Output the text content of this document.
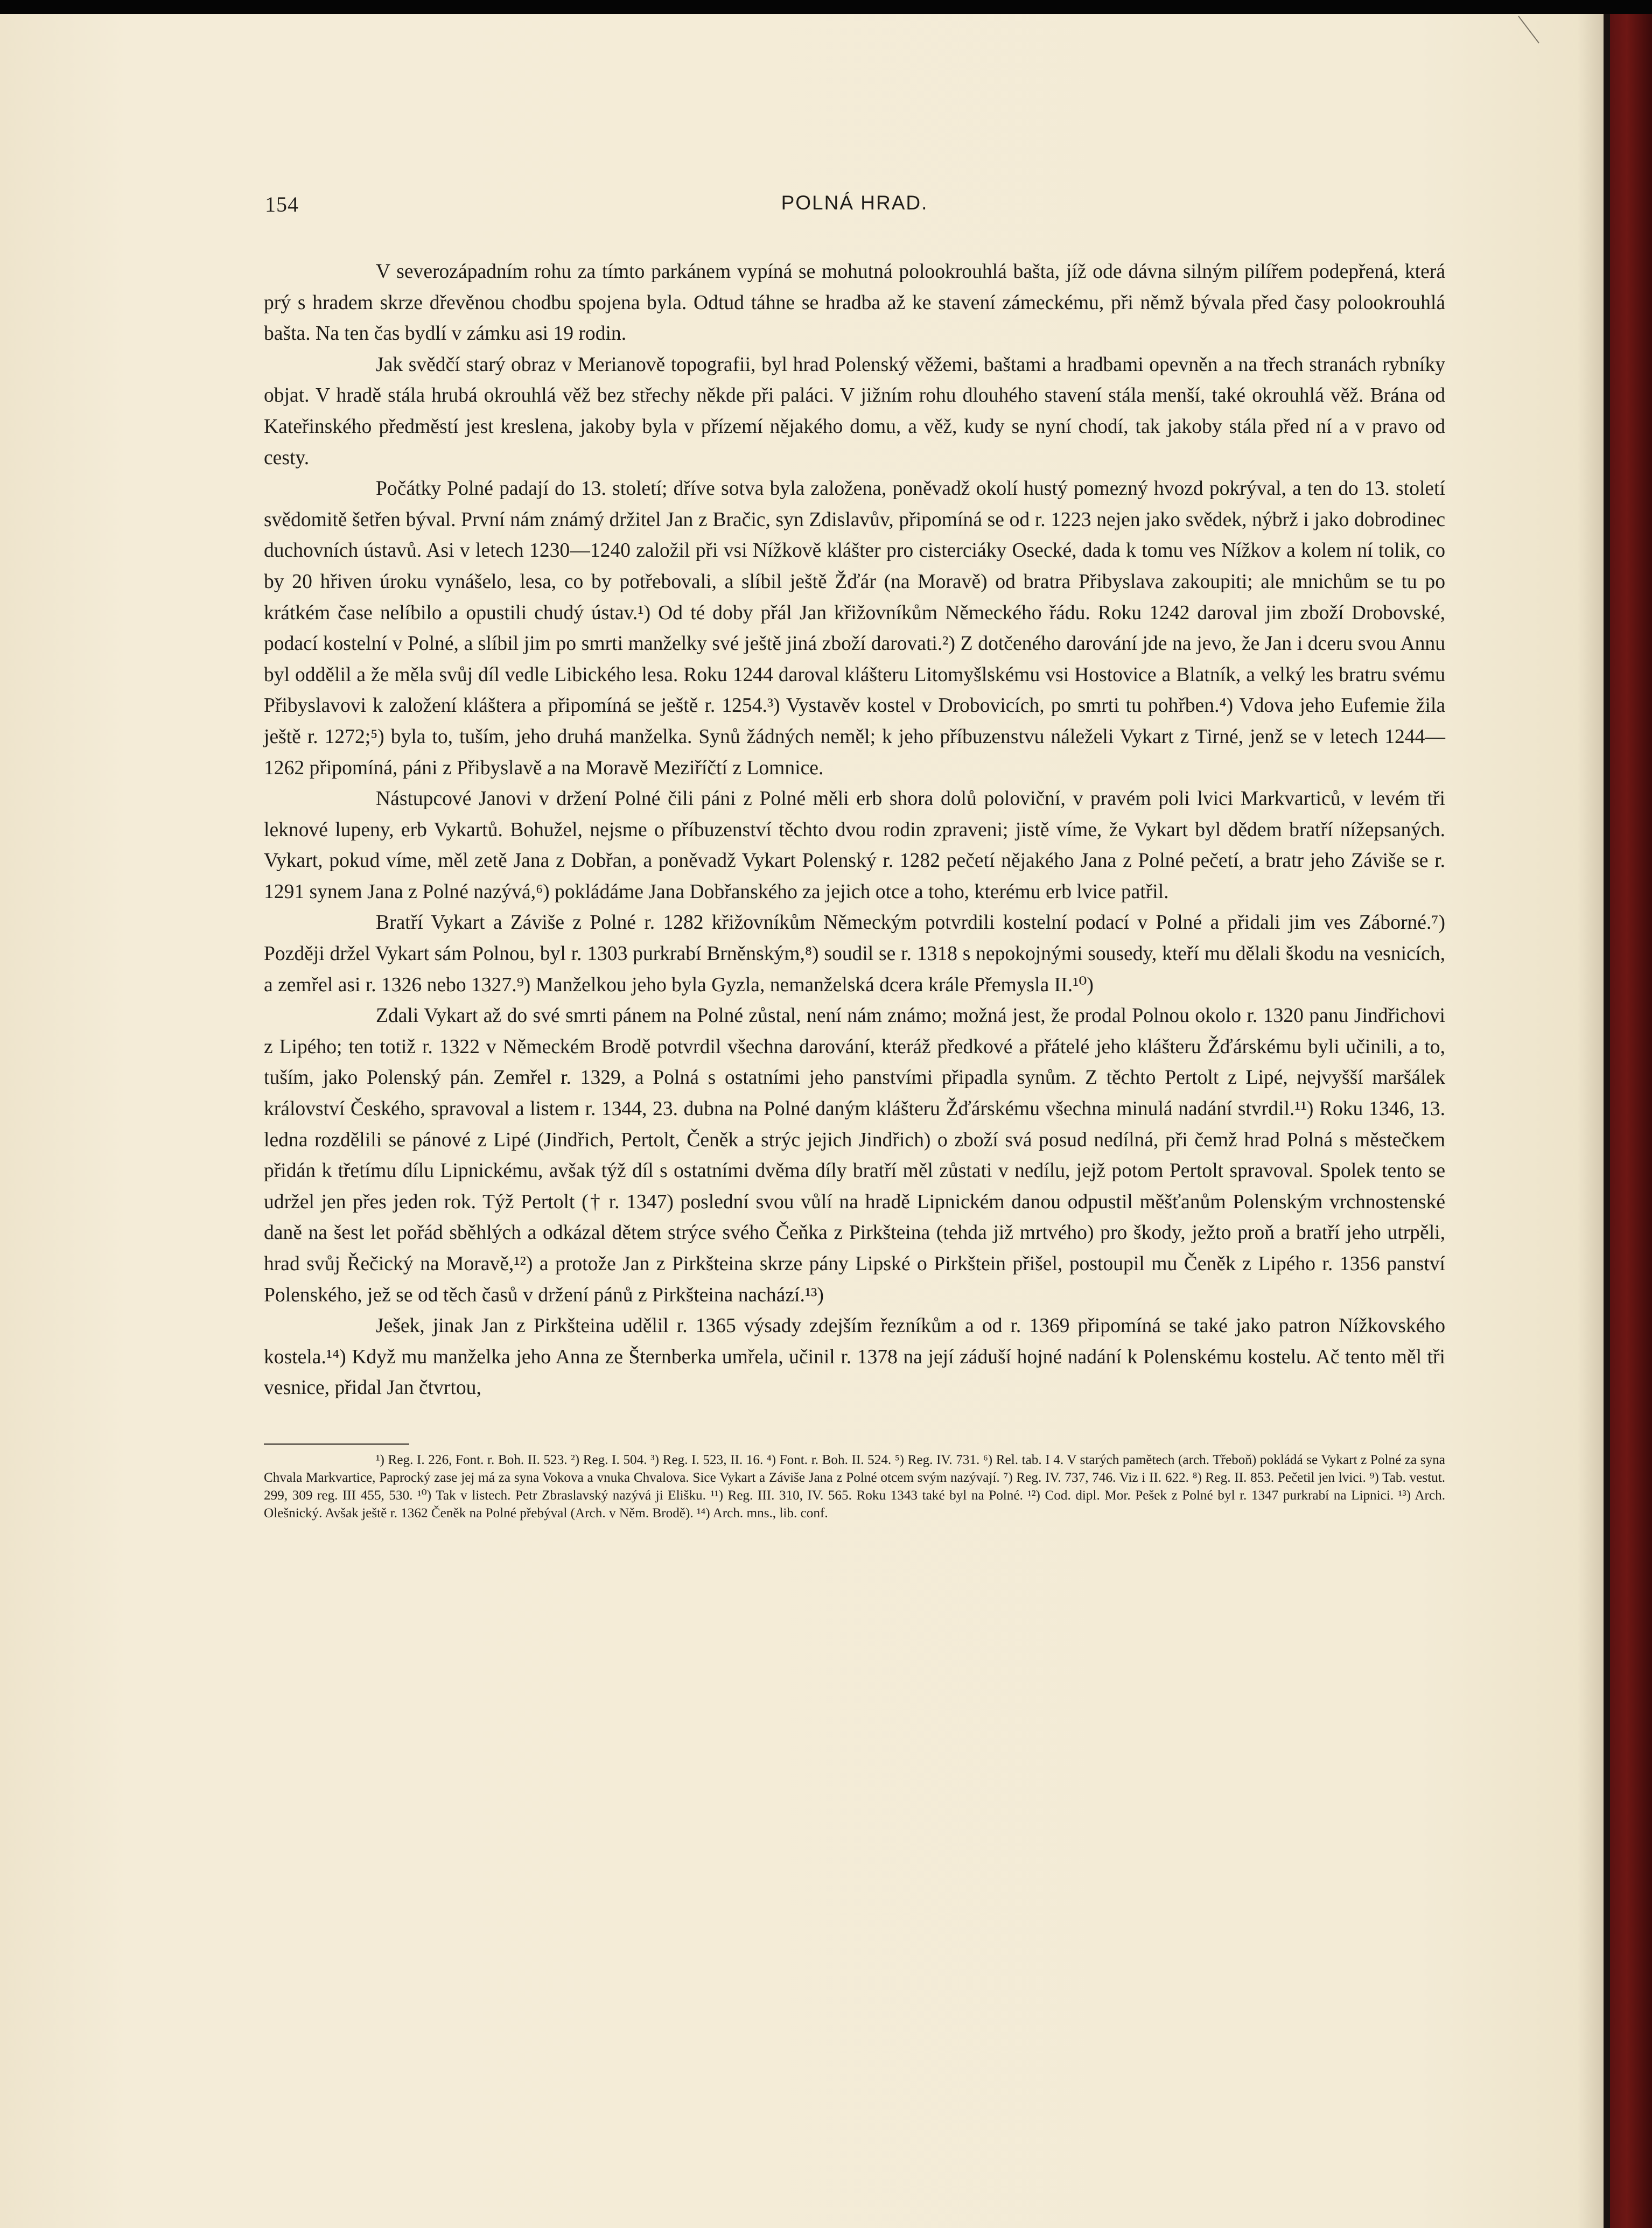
154	POLNÁ HRAD.

V severozápadním rohu za tímto parkánem vypíná se mohutná polookrouhlá bašta, jíž ode dávna silným pilířem podepřená, která prý s hradem skrze dřevěnou chodbu spojena byla. Odtud táhne se hradba až ke stavení zámeckému, při němž bývala před časy polookrouhlá bašta. Na ten čas bydlí v zámku asi 19 rodin.

Jak svědčí starý obraz v Merianově topografii, byl hrad Polenský věžemi, baštami a hradbami opevněn a na třech stranách rybníky objat. V hradě stála hrubá okrouhlá věž bez střechy někde při paláci. V jižním rohu dlouhého stavení stála menší, také okrouhlá věž. Brána od Kateřinského předměstí jest kreslena, jakoby byla v přízemí nějakého domu, a věž, kudy se nyní chodí, tak jakoby stála před ní a v pravo od cesty.

Počátky Polné padají do 13. století; dříve sotva byla založena, poněvadž okolí hustý pomezný hvozd pokrýval, a ten do 13. století svědomitě šetřen býval. První nám známý držitel Jan z Bračic, syn Zdislavův, připomíná se od r. 1223 nejen jako svědek, nýbrž i jako dobrodinec duchovních ústavů. Asi v letech 1230—1240 založil při vsi Nížkově klášter pro cisterciáky Osecké, dada k tomu ves Nížkov a kolem ní tolik, co by 20 hřiven úroku vynášelo, lesa, co by potřebovali, a slíbil ještě Žďár (na Moravě) od bratra Přibyslava zakoupiti; ale mnichům se tu po krátkém čase nelíbilo a opustili chudý ústav.¹) Od té doby přál Jan křižovníkům Německého řádu. Roku 1242 daroval jim zboží Drobovské, podací kostelní v Polné, a slíbil jim po smrti manželky své ještě jiná zboží darovati.²) Z dotčeného darování jde na jevo, že Jan i dceru svou Annu byl oddělil a že měla svůj díl vedle Libického lesa. Roku 1244 daroval klášteru Litomyšlskému vsi Hostovice a Blatník, a velký les bratru svému Přibyslavovi k založení kláštera a připomíná se ještě r. 1254.³) Vystavěv kostel v Drobovicích, po smrti tu pohřben.⁴) Vdova jeho Eufemie žila ještě r. 1272;⁵) byla to, tuším, jeho druhá manželka. Synů žádných neměl; k jeho příbuzenstvu náleželi Vykart z Tirné, jenž se v letech 1244—1262 připomíná, páni z Přibyslavě a na Moravě Meziříčtí z Lomnice.

Nástupcové Janovi v držení Polné čili páni z Polné měli erb shora dolů poloviční, v pravém poli lvici Markvarticů, v levém tři leknové lupeny, erb Vykartů. Bohužel, nejsme o příbuzenství těchto dvou rodin zpraveni; jistě víme, že Vykart byl dědem bratří nížepsaných. Vykart, pokud víme, měl zetě Jana z Dobřan, a poněvadž Vykart Polenský r. 1282 pečetí nějakého Jana z Polné pečetí, a bratr jeho Záviše se r. 1291 synem Jana z Polné nazývá,⁶) pokládáme Jana Dobřanského za jejich otce a toho, kterému erb lvice patřil.

Bratří Vykart a Záviše z Polné r. 1282 křižovníkům Německým potvrdili kostelní podací v Polné a přidali jim ves Záborné.⁷) Později držel Vykart sám Polnou, byl r. 1303 purkrabí Brněnským,⁸) soudil se r. 1318 s nepokojnými sousedy, kteří mu dělali škodu na vesnicích, a zemřel asi r. 1326 nebo 1327.⁹) Manželkou jeho byla Gyzla, nemanželská dcera krále Přemysla II.¹⁰)

Zdali Vykart až do své smrti pánem na Polné zůstal, není nám známo; možná jest, že prodal Polnou okolo r. 1320 panu Jindřichovi z Lipého; ten totiž r. 1322 v Německém Brodě potvrdil všechna darování, kteráž předkové a přátelé jeho klášteru Žďárskému byli učinili, a to, tuším, jako Polenský pán. Zemřel r. 1329, a Polná s ostatními jeho panstvími připadla synům. Z těchto Pertolt z Lipé, nejvyšší maršálek království Českého, spravoval a listem r. 1344, 23. dubna na Polné daným klášteru Žďárskému všechna minulá nadání stvrdil.¹¹) Roku 1346, 13. ledna rozdělili se pánové z Lipé (Jindřich, Pertolt, Čeněk a strýc jejich Jindřich) o zboží svá posud nedílná, při čemž hrad Polná s městečkem přidán k třetímu dílu Lipnickému, avšak týž díl s ostatními dvěma díly bratří měl zůstati v nedílu, jejž potom Pertolt spravoval. Spolek tento se udržel jen přes jeden rok. Týž Pertolt († r. 1347) poslední svou vůlí na hradě Lipnickém danou odpustil měšťanům Polenským vrchnostenské daně na šest let pořád sběhlých a odkázal dětem strýce svého Čeňka z Pirkšteina (tehda již mrtvého) pro škody, ježto proň a bratří jeho utrpěli, hrad svůj Řečický na Moravě,¹²) a protože Jan z Pirkšteina skrze pány Lipské o Pirkštein přišel, postoupil mu Čeněk z Lipého r. 1356 panství Polenského, jež se od těch časů v držení pánů z Pirkšteina nachází.¹³)

Ješek, jinak Jan z Pirkšteina udělil r. 1365 výsady zdejším řezníkům a od r. 1369 připomíná se také jako patron Nížkovského kostela.¹⁴) Když mu manželka jeho Anna ze Šternberka umřela, učinil r. 1378 na její záduší hojné nadání k Polenskému kostelu. Ač tento měl tři vesnice, přidal Jan čtvrtou,

¹) Reg. I. 226, Font. r. Boh. II. 523. ²) Reg. I. 504. ³) Reg. I. 523, II. 16. ⁴) Font. r. Boh. II. 524. ⁵) Reg. IV. 731. ⁶) Rel. tab. I 4. V starých pamětech (arch. Třeboň) pokládá se Vykart z Polné za syna Chvala Markvartice, Paprocký zase jej má za syna Vokova a vnuka Chvalova. Sice Vykart a Záviše Jana z Polné otcem svým nazývají. ⁷) Reg. IV. 737, 746. Viz i II. 622. ⁸) Reg. II. 853. Pečetil jen lvici. ⁹) Tab. vestut. 299, 309 reg. III 455, 530. ¹⁰) Tak v listech. Petr Zbraslavský nazývá ji Elišku. ¹¹) Reg. III. 310, IV. 565. Roku 1343 také byl na Polné. ¹²) Cod. dipl. Mor. Pešek z Polné byl r. 1347 purkrabí na Lipnici. ¹³) Arch. Olešnický. Avšak ještě r. 1362 Čeněk na Polné přebýval (Arch. v Něm. Brodě). ¹⁴) Arch. mns., lib. conf.
